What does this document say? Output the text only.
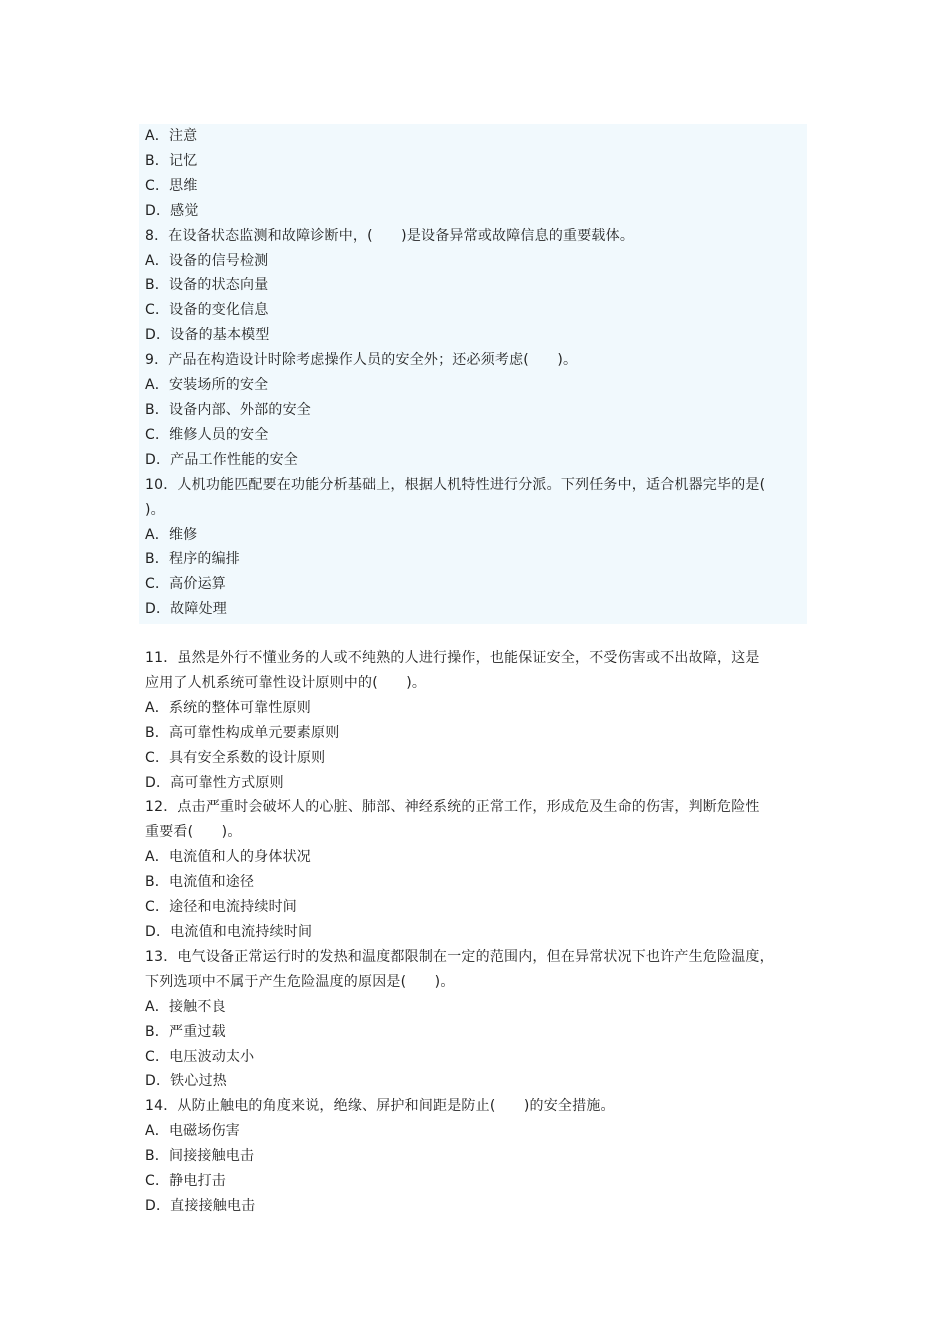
A．注意
B．记忆
C．思维
D．感觉
8．在设备状态监测和故障诊断中，(　　)是设备异常或故障信息的重要载体。
A．设备的信号检测
B．设备的状态向量
C．设备的变化信息
D．设备的基本模型
9．产品在构造设计时除考虑操作人员的安全外；还必须考虑(　　)。
A．安装场所的安全
B．设备内部、外部的安全
C．维修人员的安全
D．产品工作性能的安全
10．人机功能匹配要在功能分析基础上，根据人机特性进行分派。下列任务中，适合机器完毕的是(
)。
A．维修
B．程序的编排
C．高价运算
D．故障处理
11．虽然是外行不懂业务的人或不纯熟的人进行操作，也能保证安全，不受伤害或不出故障，这是
应用了人机系统可靠性设计原则中的(　　)。
A．系统的整体可靠性原则
B．高可靠性构成单元要素原则
C．具有安全系数的设计原则
D．高可靠性方式原则
12．点击严重时会破坏人的心脏、肺部、神经系统的正常工作，形成危及生命的伤害，判断危险性
重要看(　　)。
A．电流值和人的身体状况
B．电流值和途径
C．途径和电流持续时间
D．电流值和电流持续时间
13．电气设备正常运行时的发热和温度都限制在一定的范围内，但在异常状况下也许产生危险温度，
下列选项中不属于产生危险温度的原因是(　　)。
A．接触不良
B．严重过载
C．电压波动太小
D．铁心过热
14．从防止触电的角度来说，绝缘、屏护和间距是防止(　　)的安全措施。
A．电磁场伤害
B．间接接触电击
C．静电打击
D．直接接触电击
